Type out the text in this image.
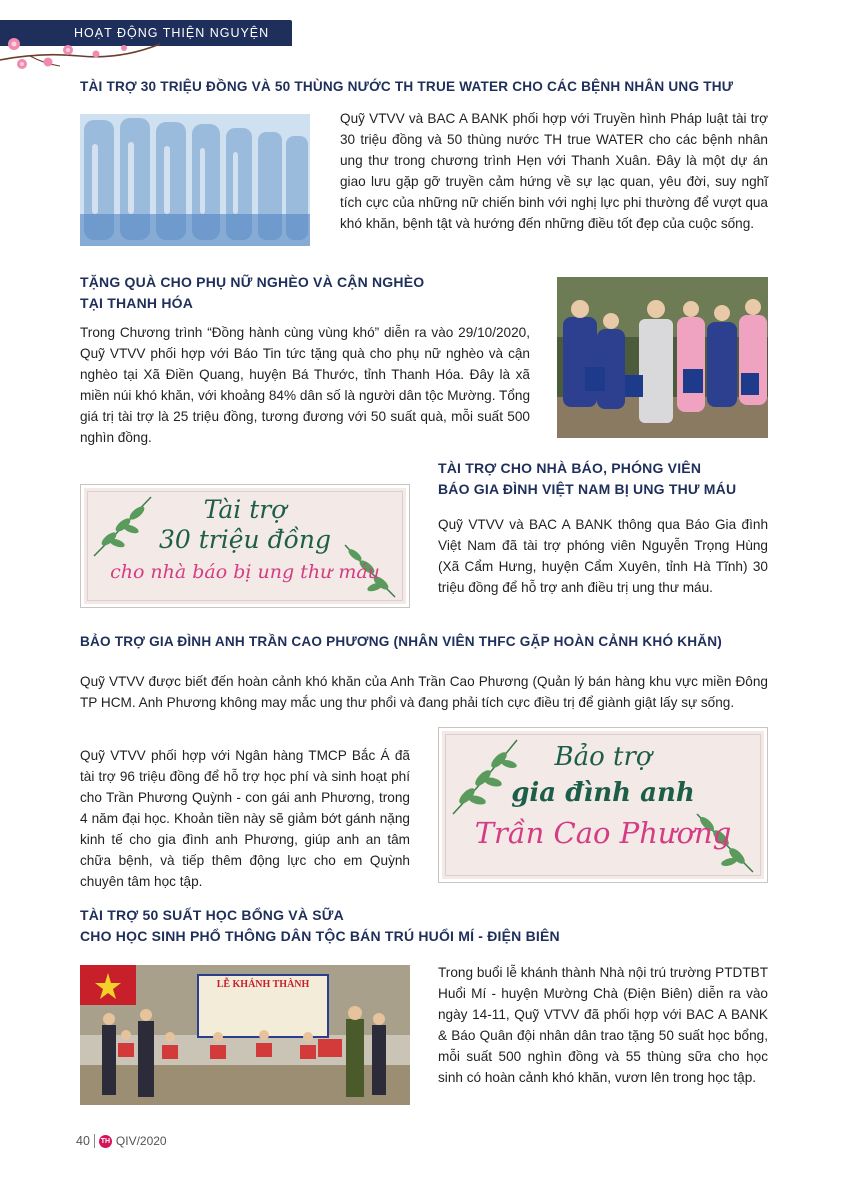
HOẠT ĐỘNG THIỆN NGUYỆN
TÀI TRỢ 30 TRIỆU ĐỒNG VÀ 50 THÙNG NƯỚC TH TRUE WATER CHO CÁC BỆNH NHÂN UNG THƯ
Quỹ VTVV và BAC A BANK phối hợp với Truyền hình Pháp luật tài trợ 30 triệu đồng và 50 thùng nước TH true WATER cho các bệnh nhân ung thư trong chương trình Hẹn với Thanh Xuân. Đây là một dự án giao lưu gặp gỡ truyền cảm hứng về sự lạc quan, yêu đời, suy nghĩ tích cực của những nữ chiến binh với nghị lực phi thường để vượt qua khó khăn, bệnh tật và hướng đến những điều tốt đẹp của cuộc sống.
TẶNG QUÀ CHO PHỤ NỮ NGHÈO VÀ CẬN NGHÈO
TẠI THANH HÓA
Trong Chương trình “Đồng hành cùng vùng khó” diễn ra vào 29/10/2020, Quỹ VTVV phối hợp với Báo Tin tức tặng quà cho phụ nữ nghèo và cận nghèo tại Xã Điền Quang, huyện Bá Thước, tỉnh Thanh Hóa. Đây là xã miền núi khó khăn, với khoảng 84% dân số là người dân tộc Mường. Tổng giá trị tài trợ là 25 triệu đồng, tương đương với 50 suất quà, mỗi suất 500 nghìn đồng.
TÀI TRỢ CHO NHÀ BÁO, PHÓNG VIÊN
BÁO GIA ĐÌNH VIỆT NAM BỊ UNG THƯ MÁU
Quỹ VTVV và BAC A BANK thông qua Báo Gia đình Việt Nam đã tài trợ phóng viên Nguyễn Trọng Hùng (Xã Cẩm Hưng, huyện Cẩm Xuyên, tỉnh Hà Tĩnh) 30 triệu đồng để hỗ trợ anh điều trị ung thư máu.
Tài trợ
30 triệu đồng
cho nhà báo bị ung thư máu
BẢO TRỢ GIA ĐÌNH ANH TRẦN CAO PHƯƠNG (NHÂN VIÊN THFC GẶP HOÀN CẢNH KHÓ KHĂN)
Quỹ VTVV được biết đến hoàn cảnh khó khăn của Anh Trần Cao Phương (Quản lý bán hàng khu vực miền Đông TP HCM. Anh Phương không may mắc ung thư phổi và đang phải tích cực điều trị để giành giật lấy sự sống.
Quỹ VTVV phối hợp với Ngân hàng TMCP Bắc Á đã tài trợ 96 triệu đồng để hỗ trợ học phí và sinh hoạt phí cho Trần Phương Quỳnh - con gái anh Phương, trong 4 năm đại học. Khoản tiền này sẽ giảm bớt gánh nặng kinh tế cho gia đình anh Phương, giúp anh an tâm chữa bệnh, và tiếp thêm động lực cho em Quỳnh chuyên tâm học tập.
Bảo trợ
gia đình anh
Trần Cao Phương
TÀI TRỢ 50 SUẤT HỌC BỔNG VÀ SỮA
CHO HỌC SINH PHỔ THÔNG DÂN TỘC BÁN TRÚ HUỔI MÍ - ĐIỆN BIÊN
Trong buổi lễ khánh thành Nhà nội trú trường PTDTBT Huổi Mí - huyện Mường Chà (Điện Biên) diễn ra vào ngày 14-11, Quỹ VTVV đã phối hợp với BAC A BANK & Báo Quân đội nhân dân trao tặng 50 suất học bổng, mỗi suất 500 nghìn đồng và 55 thùng sữa cho học sinh có hoàn cảnh khó khăn, vươn lên trong học tập.
LỄ KHÁNH THÀNH
40 TH QIV/2020
